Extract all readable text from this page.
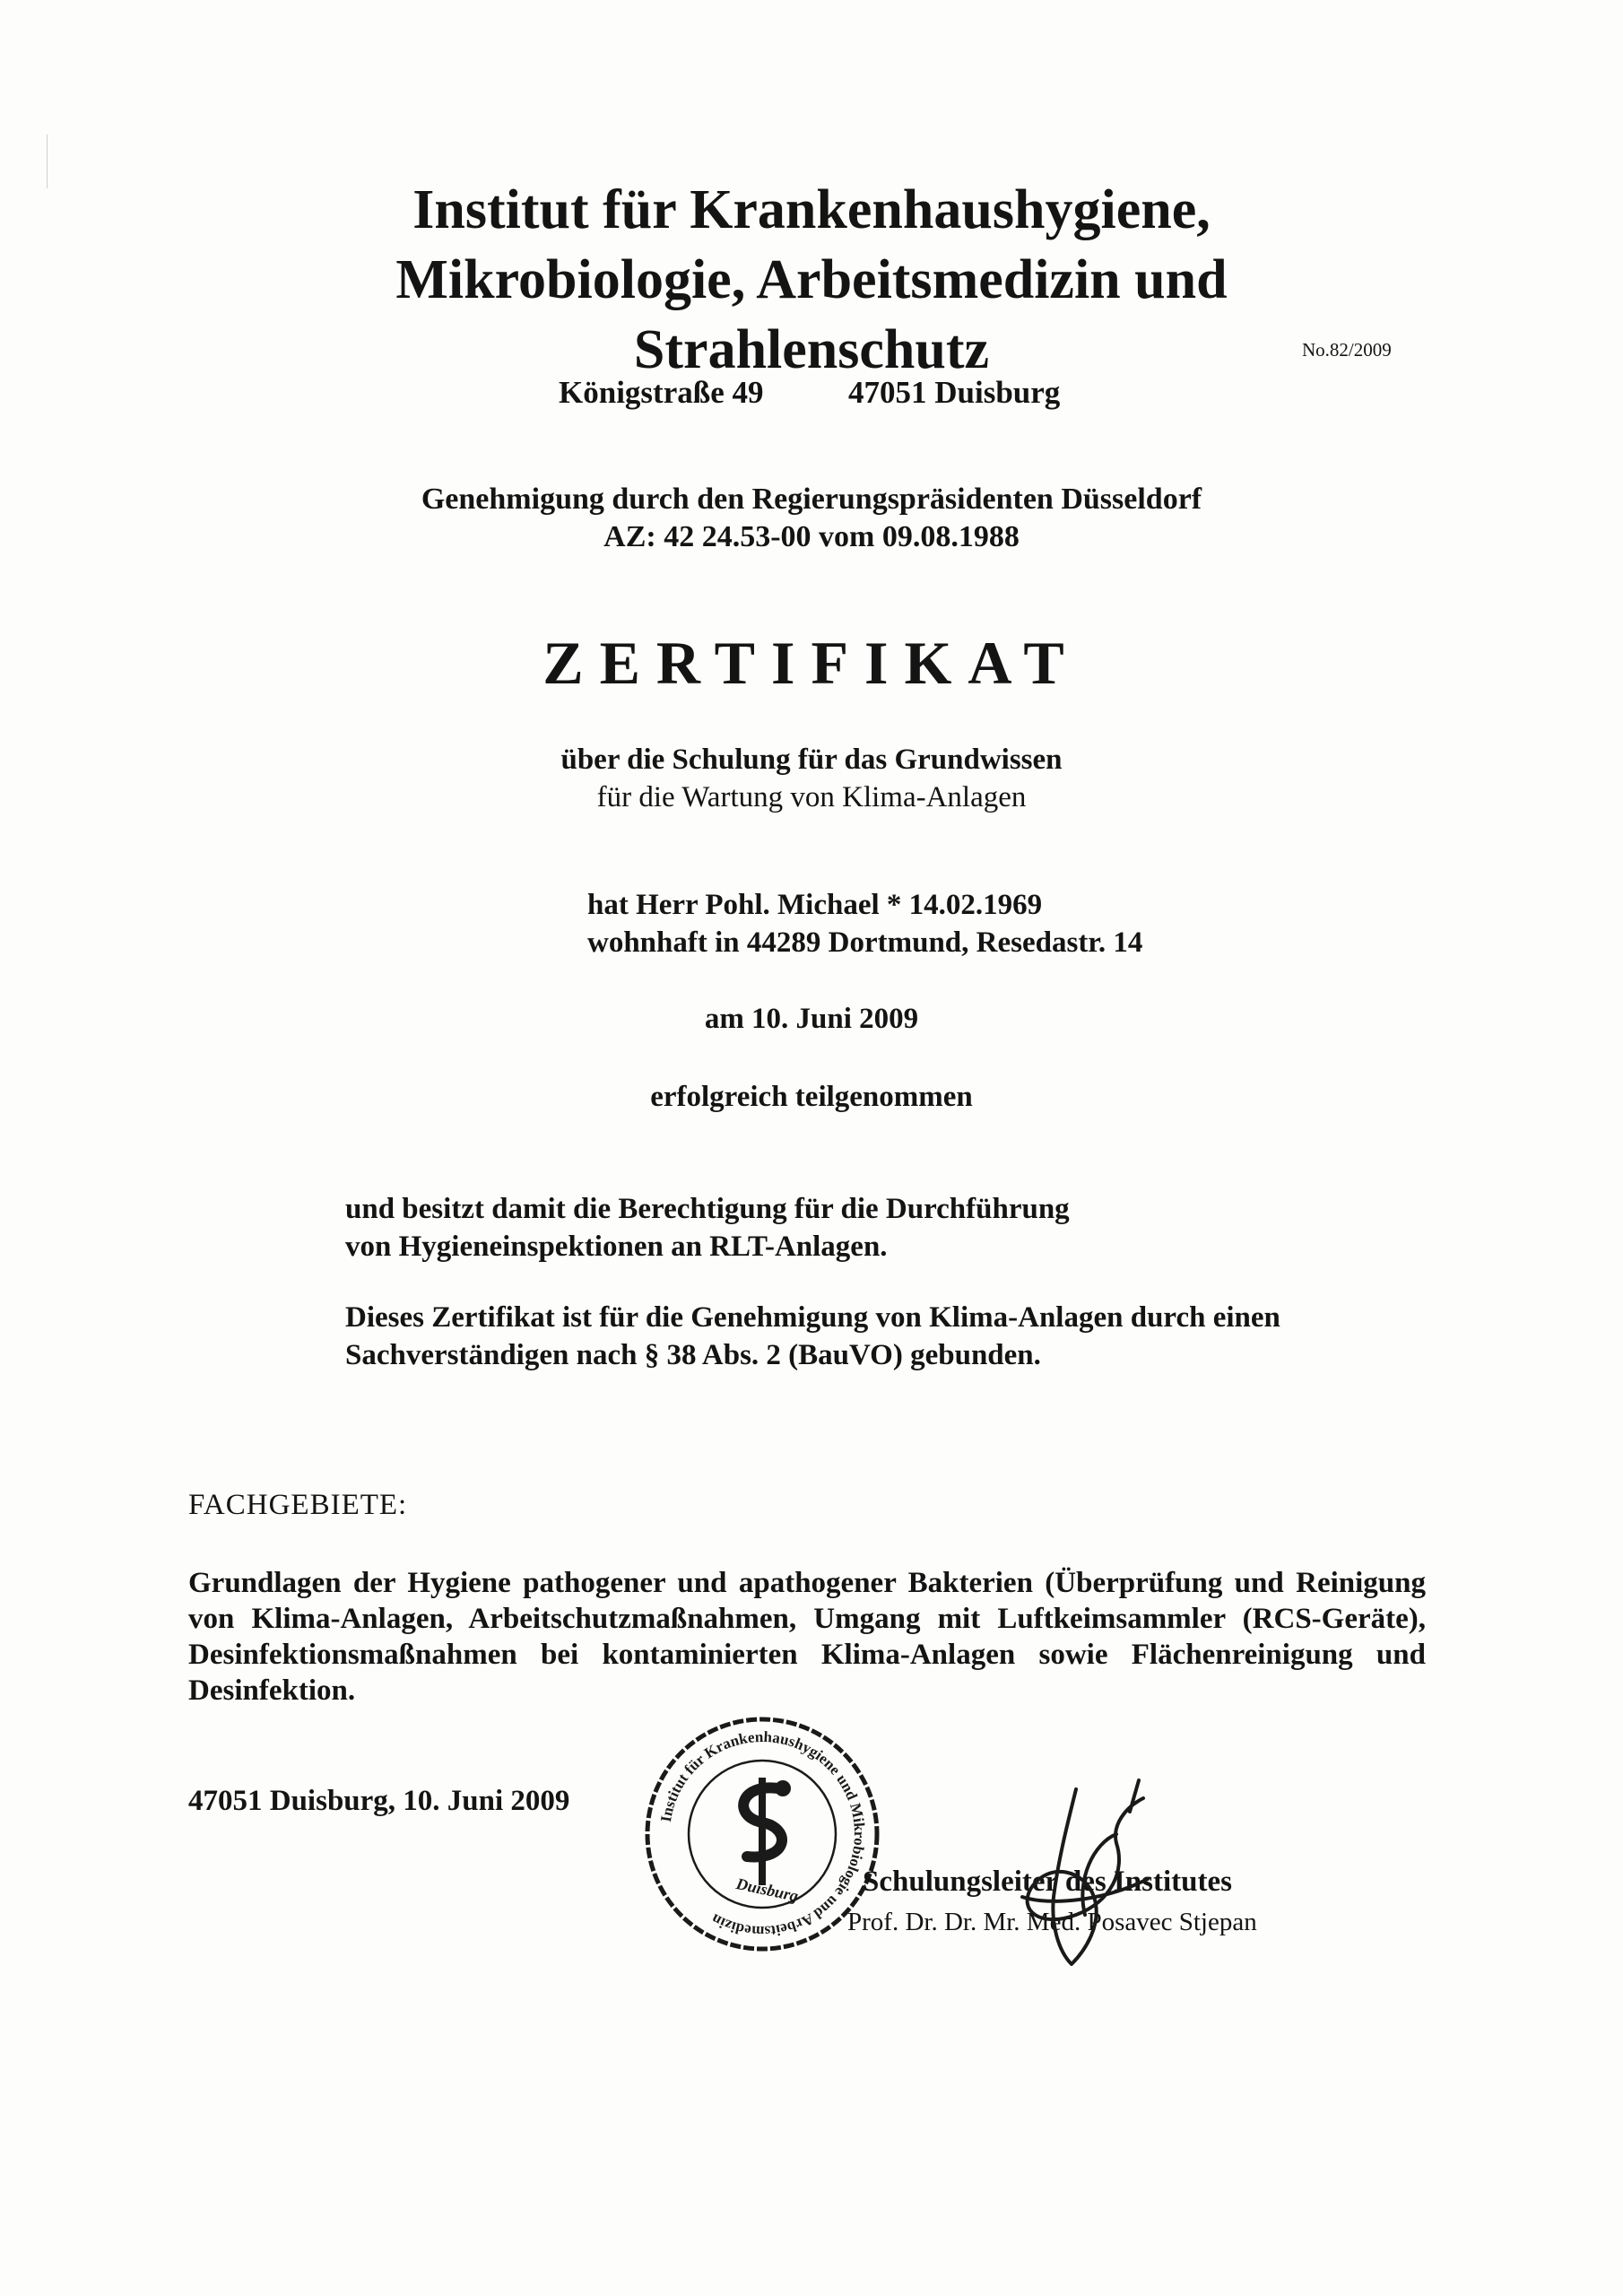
Institut für Krankenhaushygiene,
Mikrobiologie, Arbeitsmedizin und
Strahlenschutz	No.82/2009
Königstraße 49	47051 Duisburg
Genehmigung durch den Regierungspräsidenten Düsseldorf
AZ: 42 24.53-00 vom 09.08.1988
ZERTIFIKAT
über die Schulung für das Grundwissen
für die Wartung von Klima-Anlagen
hat Herr Pohl. Michael * 14.02.1969
wohnhaft in 44289 Dortmund, Resedastr. 14
am 10. Juni 2009
erfolgreich teilgenommen
und besitzt damit die Berechtigung für die Durchführung
von Hygieneinspektionen an RLT-Anlagen.
Dieses Zertifikat ist für die Genehmigung von Klima-Anlagen durch einen
Sachverständigen nach § 38 Abs. 2 (BauVO) gebunden.
FACHGEBIETE:
Grundlagen der Hygiene pathogener und apathogener Bakterien (Überprüfung und Reinigung von Klima-Anlagen, Arbeitschutzmaßnahmen, Umgang mit Luftkeimsammler (RCS-Geräte), Desinfektionsmaßnahmen bei kontaminierten Klima-Anlagen sowie Flächenreinigung und Desinfektion.
47051 Duisburg, 10. Juni 2009
Institut für Krankenhaushygiene und Mikrobiologie und Arbeitsmedizin
Duisburg Schulungsleiter des Institutes
Prof. Dr. Dr. Mr. Med. Posavec Stjepan
